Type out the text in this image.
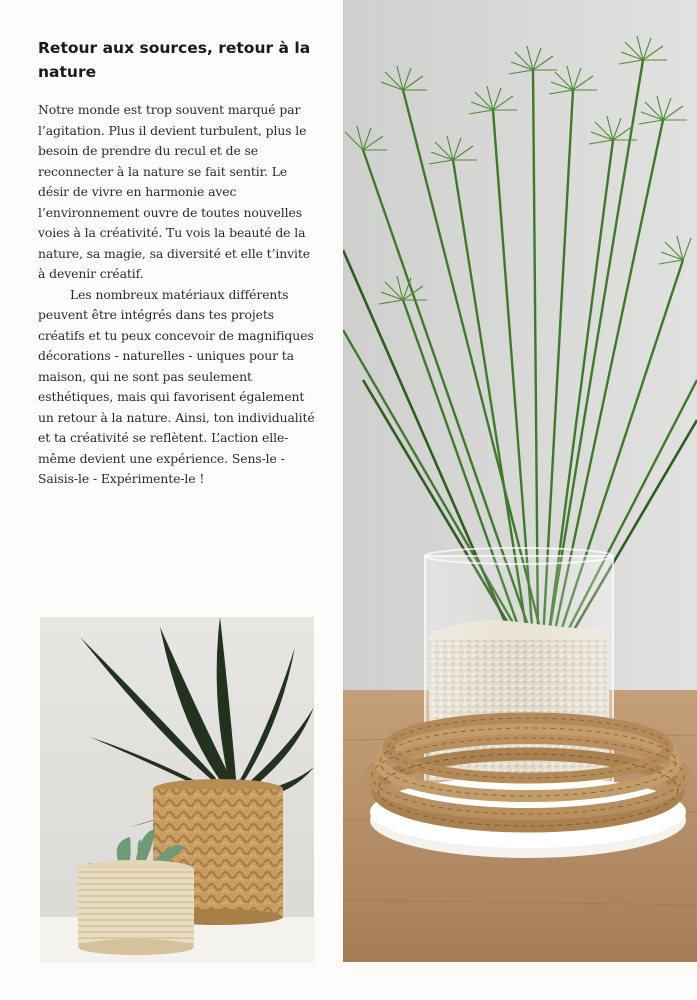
Retour aux sources, retour à la nature

Notre monde est trop souvent marqué par l’agitation. Plus il devient turbulent, plus le besoin de prendre du recul et de se reconnecter à la nature se fait sentir. Le désir de vivre en harmonie avec l’environnement ouvre de toutes nouvelles voies à la créativité. Tu vois la beauté de la nature, sa magie, sa diversité et elle t’invite à devenir créatif.

Les nombreux matériaux différents peuvent être intégrés dans tes projets créatifs et tu peux concevoir de magnifiques décorations - naturelles - uniques pour ta maison, qui ne sont pas seulement esthétiques, mais qui favorisent également un retour à la nature. Ainsi, ton individualité et ta créativité se reflètent. L’action elle-même devient une expérience. Sens-le - Saisis-le - Expérimente-le !
